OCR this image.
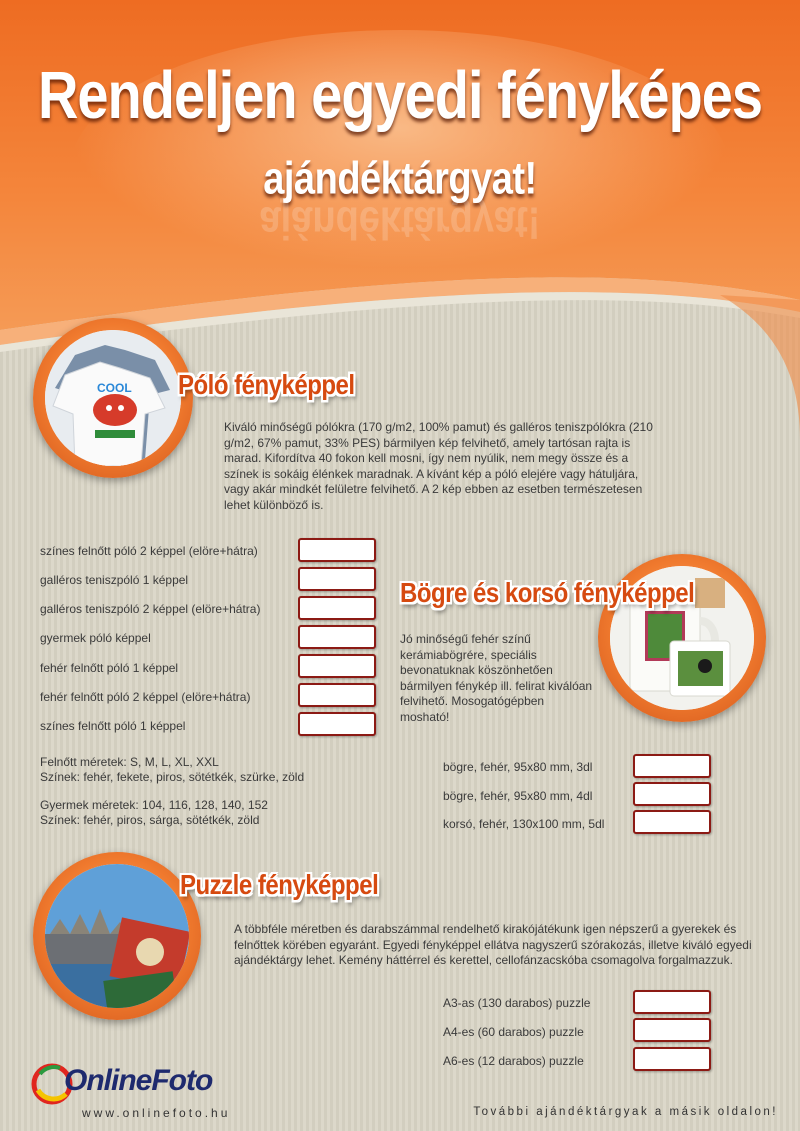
Rendeljen egyedi fényképes
ajándéktárgyat!
ajándéktárgyat!
COOL Póló fényképpel
Kiváló minőségű pólókra (170 g/m2, 100% pamut) és galléros teniszpólókra (210 g/m2, 67% pamut, 33% PES) bármilyen kép felvihető, amely tartósan rajta is marad. Kifordítva 40 fokon kell mosni, így nem nyúlik, nem megy össze és a színek is sokáig élénkek maradnak. A kívánt kép a póló elejére vagy hátuljára, vagy akár mindkét felületre felvihető. A 2 kép ebben az esetben természetesen lehet különböző is.
színes felnőtt póló 2 képpel (elöre+hátra)
galléros teniszpóló 1 képpel
galléros teniszpóló 2 képpel (elöre+hátra)
gyermek póló képpel
fehér felnőtt póló 1 képpel
fehér felnőtt póló 2 képpel (elöre+hátra)
színes felnőtt póló 1 képpel
Felnőtt méretek: S, M, L, XL, XXL
Színek: fehér, fekete, piros, sötétkék, szürke, zöld
Gyermek méretek: 104, 116, 128, 140, 152
Színek: fehér, piros, sárga, sötétkék, zöld
Bögre és korsó fényképpel
Jó minőségű fehér színű kerámiabögrére, speciális bevonatuknak köszönhetően bármilyen fénykép ill. felirat kiválóan felvihető. Mosogatógépben mosható!
bögre, fehér, 95x80 mm, 3dl
bögre, fehér, 95x80 mm, 4dl
korsó, fehér, 130x100 mm, 5dl
Puzzle fényképpel
A többféle méretben és darabszámmal rendelhető kirakójátékunk igen népszerű a gyerekek és felnőttek körében egyaránt. Egyedi fényképpel ellátva nagyszerű szórakozás, illetve kiváló egyedi ajándéktárgy lehet. Kemény háttérrel és kerettel, cellofánzacskóba csomagolva forgalmazzuk.
A3-as (130 darabos) puzzle
A4-es (60 darabos) puzzle
A6-es (12 darabos) puzzle
OnlineFoto
www.onlinefoto.hu	További ajándéktárgyak a másik oldalon!
